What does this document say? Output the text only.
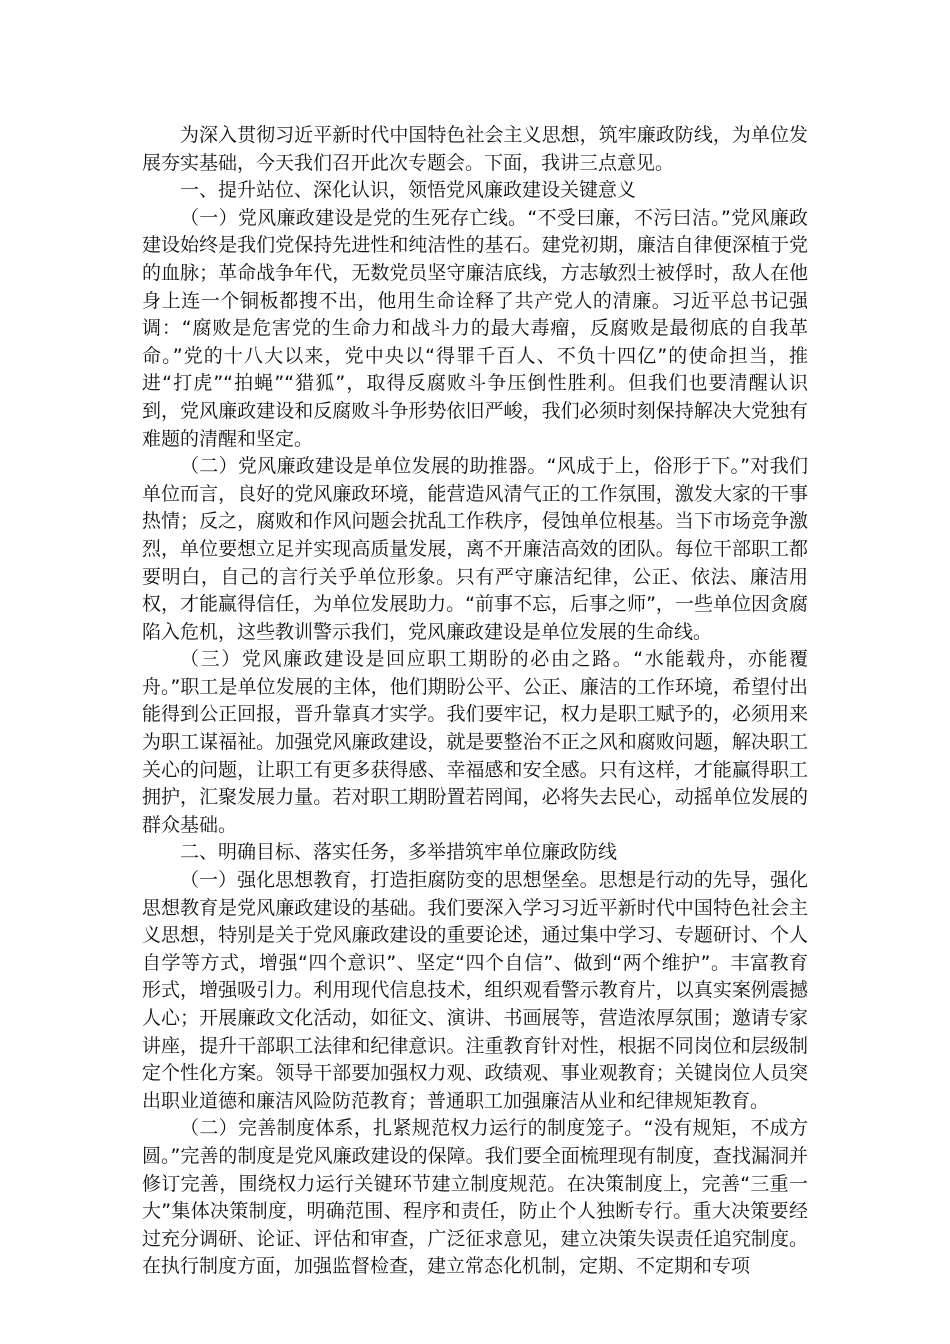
为深入贯彻习近平新时代中国特色社会主义思想，筑牢廉政防线，为单位发展夯实基础，今天我们召开此次专题会。下面，我讲三点意见。

一、提升站位、深化认识，领悟党风廉政建设关键意义

（一）党风廉政建设是党的生死存亡线。“不受曰廉，不污曰洁。”党风廉政建设始终是我们党保持先进性和纯洁性的基石。建党初期，廉洁自律便深植于党的血脉；革命战争年代，无数党员坚守廉洁底线，方志敏烈士被俘时，敌人在他身上连一个铜板都搜不出，他用生命诠释了共产党人的清廉。习近平总书记强调：“腐败是危害党的生命力和战斗力的最大毒瘤，反腐败是最彻底的自我革命。”党的十八大以来，党中央以“得罪千百人、不负十四亿”的使命担当，推进“打虎”“拍蝇”“猎狐”，取得反腐败斗争压倒性胜利。但我们也要清醒认识到，党风廉政建设和反腐败斗争形势依旧严峻，我们必须时刻保持解决大党独有难题的清醒和坚定。

（二）党风廉政建设是单位发展的助推器。“风成于上，俗形于下。”对我们单位而言，良好的党风廉政环境，能营造风清气正的工作氛围，激发大家的干事热情；反之，腐败和作风问题会扰乱工作秩序，侵蚀单位根基。当下市场竞争激烈，单位要想立足并实现高质量发展，离不开廉洁高效的团队。每位干部职工都要明白，自己的言行关乎单位形象。只有严守廉洁纪律，公正、依法、廉洁用权，才能赢得信任，为单位发展助力。“前事不忘，后事之师”，一些单位因贪腐陷入危机，这些教训警示我们，党风廉政建设是单位发展的生命线。

（三）党风廉政建设是回应职工期盼的必由之路。“水能载舟，亦能覆舟。”职工是单位发展的主体，他们期盼公平、公正、廉洁的工作环境，希望付出能得到公正回报，晋升靠真才实学。我们要牢记，权力是职工赋予的，必须用来为职工谋福祉。加强党风廉政建设，就是要整治不正之风和腐败问题，解决职工关心的问题，让职工有更多获得感、幸福感和安全感。只有这样，才能赢得职工拥护，汇聚发展力量。若对职工期盼置若罔闻，必将失去民心，动摇单位发展的群众基础。

二、明确目标、落实任务，多举措筑牢单位廉政防线

（一）强化思想教育，打造拒腐防变的思想堡垒。思想是行动的先导，强化思想教育是党风廉政建设的基础。我们要深入学习习近平新时代中国特色社会主义思想，特别是关于党风廉政建设的重要论述，通过集中学习、专题研讨、个人自学等方式，增强“四个意识”、坚定“四个自信”、做到“两个维护”。丰富教育形式，增强吸引力。利用现代信息技术，组织观看警示教育片，以真实案例震撼人心；开展廉政文化活动，如征文、演讲、书画展等，营造浓厚氛围；邀请专家讲座，提升干部职工法律和纪律意识。注重教育针对性，根据不同岗位和层级制定个性化方案。领导干部要加强权力观、政绩观、事业观教育；关键岗位人员突出职业道德和廉洁风险防范教育；普通职工加强廉洁从业和纪律规矩教育。

（二）完善制度体系，扎紧规范权力运行的制度笼子。“没有规矩，不成方圆。”完善的制度是党风廉政建设的保障。我们要全面梳理现有制度，查找漏洞并修订完善，围绕权力运行关键环节建立制度规范。在决策制度上，完善“三重一大”集体决策制度，明确范围、程序和责任，防止个人独断专行。重大决策要经过充分调研、论证、评估和审查，广泛征求意见，建立决策失误责任追究制度。在执行制度方面，加强监督检查，建立常态化机制，定期、不定期和专项
